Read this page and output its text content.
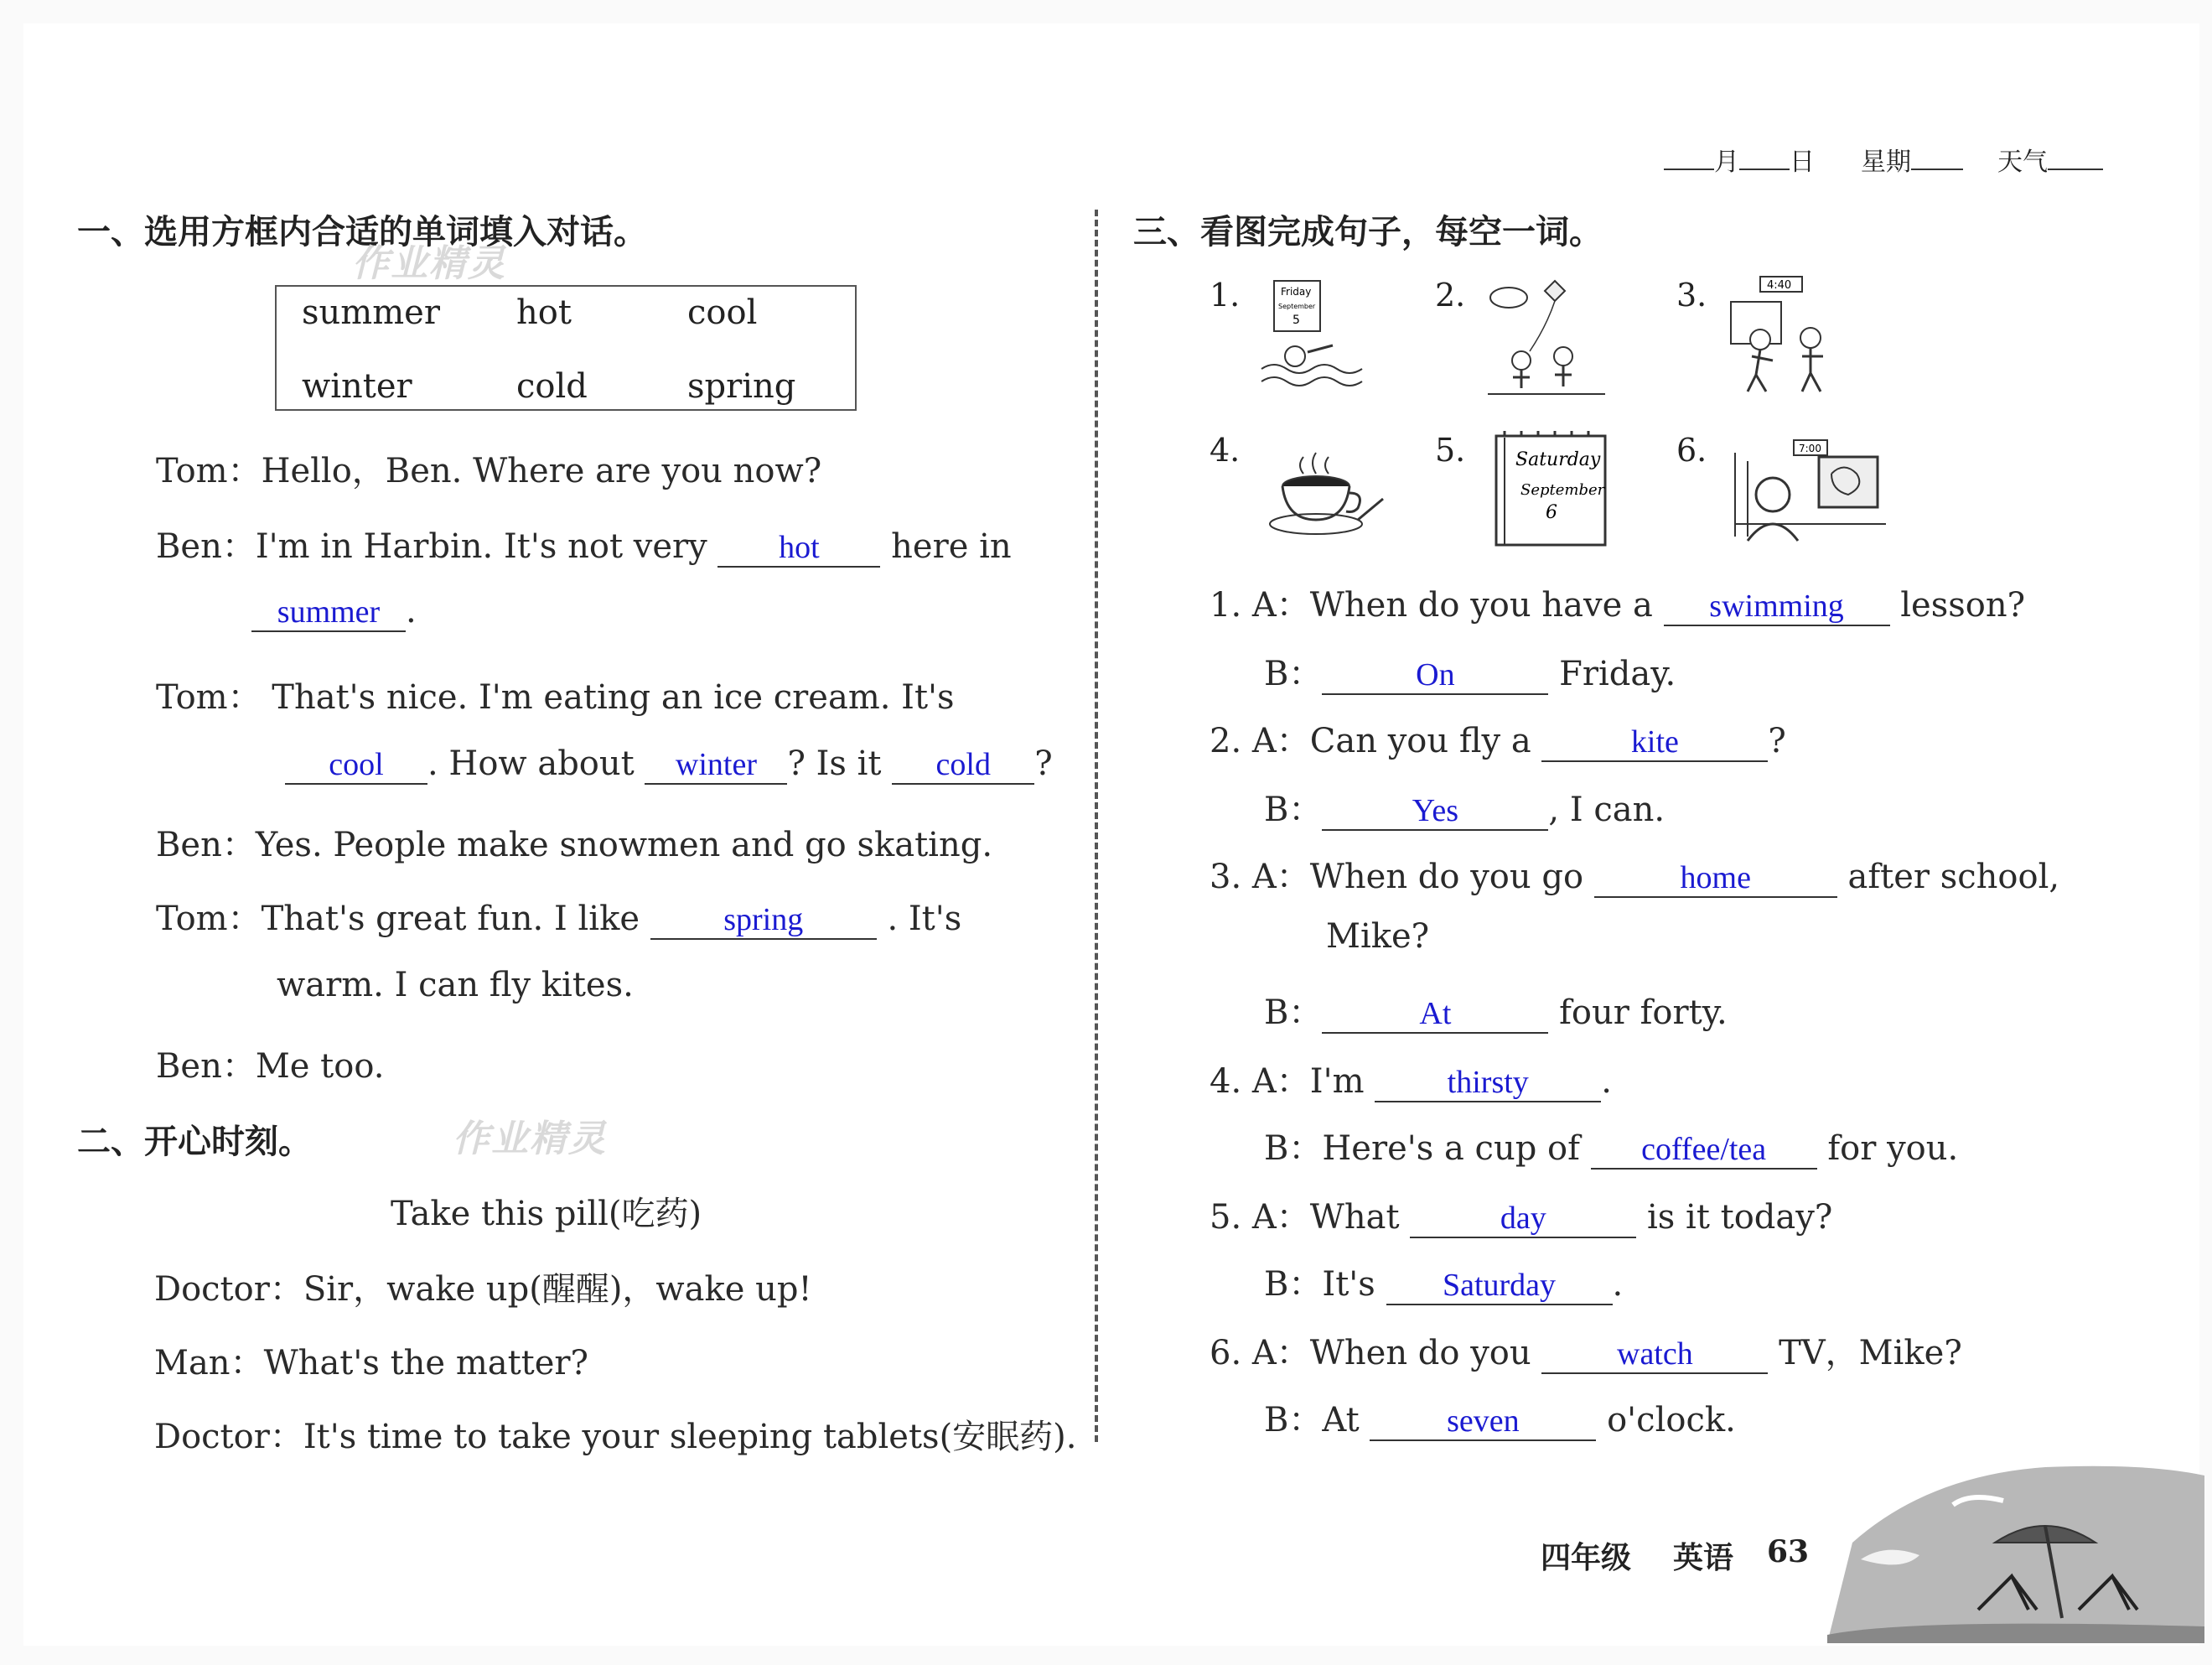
月 日 星期	天气
一、选用方框内合适的单词填入对话。
作业精灵
summer hot	cool
winter	cold	spring
Tom：Hello，Ben. Where are you now?
Ben：I'm in Harbin. It's not very hot here in
summer .
Tom： That's nice. I'm eating an ice cream. It's
cool . How about winter ? Is it cold ?
Ben：Yes. People make snowmen and go skating.
Tom：That's great fun. I like	spring	. It's
warm. I can fly kites.
Ben：Me too.
二、开心时刻。	作业精灵
Take this pill(吃药)
Doctor：Sir，wake up(醒醒)，wake up!
Man：What's the matter?
Doctor：It's time to take your sleeping tablets(安眠药).
三、看图完成句子，每空一词。
1.	2.	3.
4.	5.	6.
Friday
September
5
4:40
Saturday
September
6
7:00
1. A：When do you have a swimming lesson?
B：	On	Friday.
2. A：Can you fly a	kite	?
B：	Yes	, I can.
3. A：When do you go	home	after school,
Mike?
B：	At	four forty.
4. A：I'm	thirsty .
B：Here's a cup of coffee/tea for you.
5. A：What	day	is it today?
B：It's Saturday .
6. A：When do you	watch	TV，Mike?
B：At	seven	o'clock.
四年级 英语 63
